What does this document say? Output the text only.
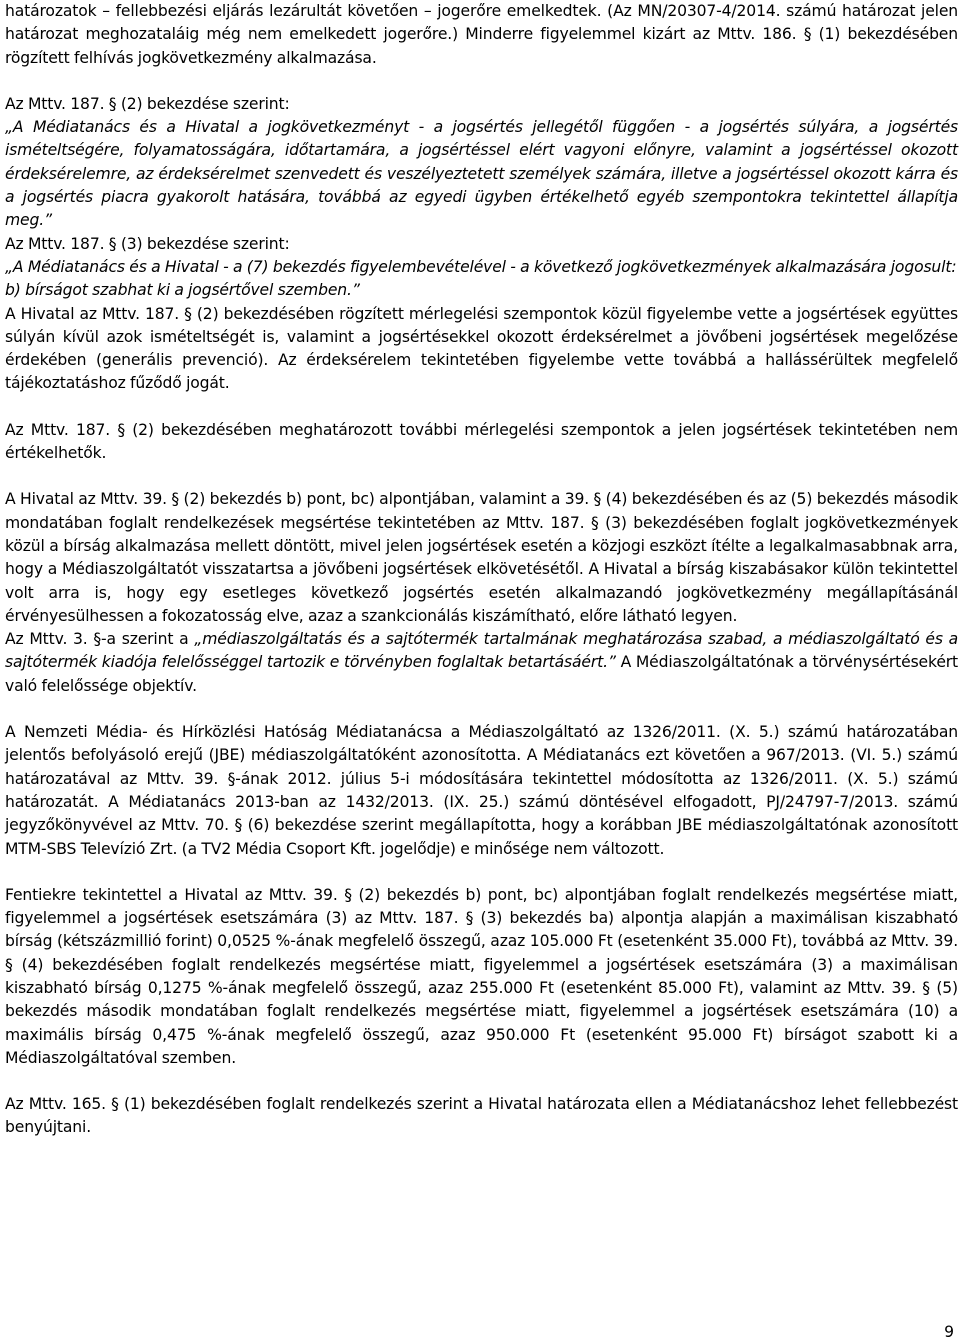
határozatok – fellebbezési eljárás lezárultát követően – jogerőre emelkedtek. (Az MN/20307-4/2014. számú határozat jelen határozat meghozataláig még nem emelkedett jogerőre.) Minderre figyelemmel kizárt az Mttv. 186. § (1) bekezdésében rögzített felhívás jogkövetkezmény alkalmazása.

Az Mttv. 187. § (2) bekezdése szerint:

„A Médiatanács és a Hivatal a jogkövetkezményt - a jogsértés jellegétől függően - a jogsértés súlyára, a jogsértés ismételtségére, folyamatosságára, időtartamára, a jogsértéssel elért vagyoni előnyre, valamint a jogsértéssel okozott érdeksérelemre, az érdeksérelmet szenvedett és veszélyeztetett személyek számára, illetve a jogsértéssel okozott kárra és a jogsértés piacra gyakorolt hatására, továbbá az egyedi ügyben értékelhető egyéb szempontokra tekintettel állapítja meg.”

Az Mttv. 187. § (3) bekezdése szerint:

„A Médiatanács és a Hivatal - a (7) bekezdés figyelembevételével - a következő jogkövetkezmények alkalmazására jogosult:

b) bírságot szabhat ki a jogsértővel szemben.”

A Hivatal az Mttv. 187. § (2) bekezdésében rögzített mérlegelési szempontok közül figyelembe vette a jogsértések együttes súlyán kívül azok ismételtségét is, valamint a jogsértésekkel okozott érdeksérelmet a jövőbeni jogsértések megelőzése érdekében (generális prevenció). Az érdeksérelem tekintetében figyelembe vette továbbá a hallássérültek megfelelő tájékoztatáshoz fűződő jogát.

Az Mttv. 187. § (2) bekezdésében meghatározott további mérlegelési szempontok a jelen jogsértések tekintetében nem értékelhetők.

A Hivatal az Mttv. 39. § (2) bekezdés b) pont, bc) alpontjában, valamint a 39. § (4) bekezdésében és az (5) bekezdés második mondatában foglalt rendelkezések megsértése tekintetében az Mttv. 187. § (3) bekezdésében foglalt jogkövetkezmények közül a bírság alkalmazása mellett döntött, mivel jelen jogsértések esetén a közjogi eszközt ítélte a legalkalmasabbnak arra, hogy a Médiaszolgáltatót visszatartsa a jövőbeni jogsértések elkövetésétől. A Hivatal a bírság kiszabásakor külön tekintettel volt arra is, hogy egy esetleges következő jogsértés esetén alkalmazandó jogkövetkezmény megállapításánál érvényesülhessen a fokozatosság elve, azaz a szankcionálás kiszámítható, előre látható legyen.

Az Mttv. 3. §-a szerint a „médiaszolgáltatás és a sajtótermék tartalmának meghatározása szabad, a médiaszolgáltató és a sajtótermék kiadója felelősséggel tartozik e törvényben foglaltak betartásáért.” A Médiaszolgáltatónak a törvénysértésekért való felelőssége objektív.

A Nemzeti Média- és Hírközlési Hatóság Médiatanácsa a Médiaszolgáltató az 1326/2011. (X. 5.) számú határozatában jelentős befolyásoló erejű (JBE) médiaszolgáltatóként azonosította. A Médiatanács ezt követően a 967/2013. (VI. 5.) számú határozatával az Mttv. 39. §-ának 2012. július 5-i módosítására tekintettel módosította az 1326/2011. (X. 5.) számú határozatát. A Médiatanács 2013-ban az 1432/2013. (IX. 25.) számú döntésével elfogadott, PJ/24797-7/2013. számú jegyzőkönyvével az Mttv. 70. § (6) bekezdése szerint megállapította, hogy a korábban JBE médiaszolgáltatónak azonosított MTM-SBS Televízió Zrt. (a TV2 Média Csoport Kft. jogelődje) e minősége nem változott.

Fentiekre tekintettel a Hivatal az Mttv. 39. § (2) bekezdés b) pont, bc) alpontjában foglalt rendelkezés megsértése miatt, figyelemmel a jogsértések esetszámára (3) az Mttv. 187. § (3) bekezdés ba) alpontja alapján a maximálisan kiszabható bírság (kétszázmillió forint) 0,0525 %-ának megfelelő összegű, azaz 105.000 Ft (esetenként 35.000 Ft), továbbá az Mttv. 39. § (4) bekezdésében foglalt rendelkezés megsértése miatt, figyelemmel a jogsértések esetszámára (3) a maximálisan kiszabható bírság 0,1275 %-ának megfelelő összegű, azaz 255.000 Ft (esetenként 85.000 Ft), valamint az Mttv. 39. § (5) bekezdés második mondatában foglalt rendelkezés megsértése miatt, figyelemmel a jogsértések esetszámára (10) a maximális bírság 0,475 %-ának megfelelő összegű, azaz 950.000 Ft (esetenként 95.000 Ft) bírságot szabott ki a Médiaszolgáltatóval szemben.

Az Mttv. 165. § (1) bekezdésében foglalt rendelkezés szerint a Hivatal határozata ellen a Médiatanácshoz lehet fellebbezést benyújtani.

9
